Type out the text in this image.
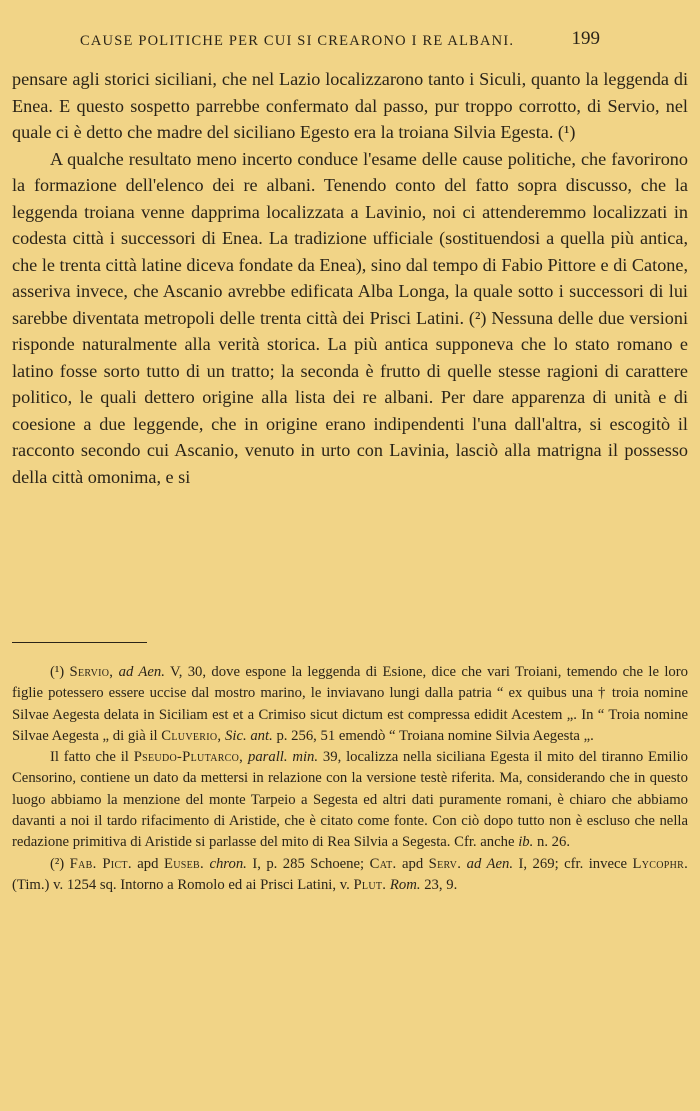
CAUSE POLITICHE PER CUI SI CREARONO I RE ALBANI.	199

pensare agli storici siciliani, che nel Lazio localizzarono tanto i Siculi, quanto la leggenda di Enea. E questo sospetto parrebbe confermato dal passo, pur troppo corrotto, di Servio, nel quale ci è detto che madre del siciliano Egesto era la troiana Silvia Egesta. (¹)

A qualche resultato meno incerto conduce l'esame delle cause politiche, che favorirono la formazione dell'elenco dei re albani. Tenendo conto del fatto sopra discusso, che la leggenda troiana venne dapprima localizzata a Lavinio, noi ci attenderemmo localizzati in codesta città i successori di Enea. La tradizione ufficiale (sostituendosi a quella più antica, che le trenta città latine diceva fondate da Enea), sino dal tempo di Fabio Pittore e di Catone, asseriva invece, che Ascanio avrebbe edificata Alba Longa, la quale sotto i successori di lui sarebbe diventata metropoli delle trenta città dei Prisci Latini. (²) Nessuna delle due versioni risponde naturalmente alla verità storica. La più antica supponeva che lo stato romano e latino fosse sorto tutto di un tratto; la seconda è frutto di quelle stesse ragioni di carattere politico, le quali dettero origine alla lista dei re albani. Per dare apparenza di unità e di coesione a due leggende, che in origine erano indipendenti l'una dall'altra, si escogitò il racconto secondo cui Ascanio, venuto in urto con Lavinia, lasciò alla matrigna il possesso della città omonima, e si

(¹) Servio, ad Aen. V, 30, dove espone la leggenda di Esione, dice che vari Troiani, temendo che le loro figlie potessero essere uccise dal mostro marino, le inviavano lungi dalla patria “ ex quibus una † troia nomine Silvae Aegesta delata in Siciliam est et a Crimiso sicut dictum est compressa edidit Acestem „. In “ Troia nomine Silvae Aegesta „ di già il Cluverio, Sic. ant. p. 256, 51 emendò “ Troiana nomine Silvia Aegesta „.

Il fatto che il Pseudo-Plutarco, parall. min. 39, localizza nella siciliana Egesta il mito del tiranno Emilio Censorino, contiene un dato da mettersi in relazione con la versione testè riferita. Ma, considerando che in questo luogo abbiamo la menzione del monte Tarpeio a Segesta ed altri dati puramente romani, è chiaro che abbiamo davanti a noi il tardo rifacimento di Aristide, che è citato come fonte. Con ciò dopo tutto non è escluso che nella redazione primitiva di Aristide si parlasse del mito di Rea Silvia a Segesta. Cfr. anche ib. n. 26.

(²) Fab. Pict. apd Euseb. chron. I, p. 285 Schoene; Cat. apd Serv. ad Aen. I, 269; cfr. invece Lycophr. (Tim.) v. 1254 sq. Intorno a Romolo ed ai Prisci Latini, v. Plut. Rom. 23, 9.
